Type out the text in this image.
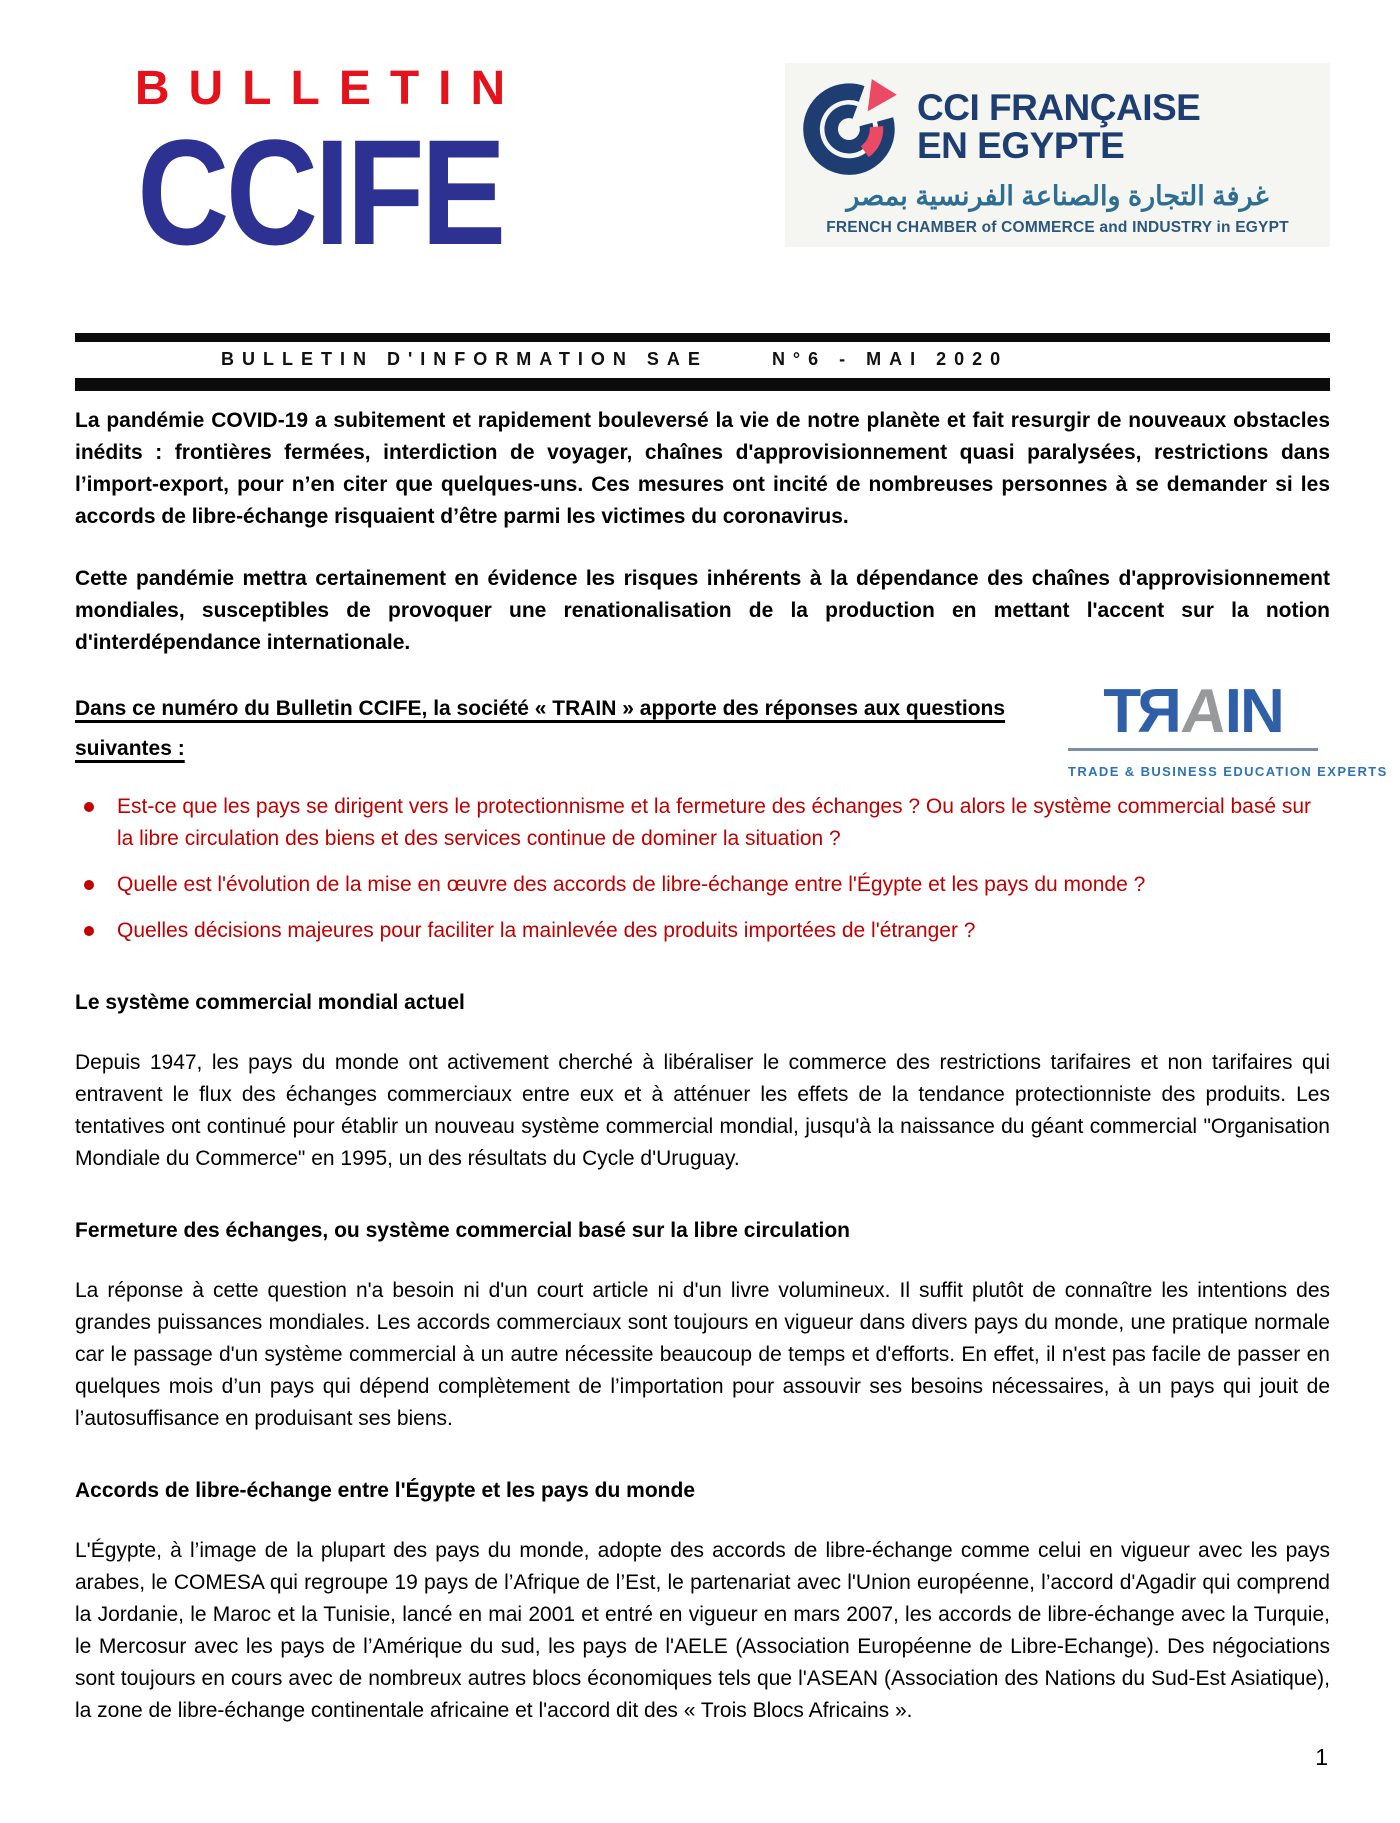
BULLETIN
CCIFE
CCI FRANÇAISE
EN EGYPTE
غرفة التجارة والصناعة الفرنسية بمصر
FRENCH CHAMBER of COMMERCE and INDUSTRY in EGYPT
BULLETIN D'INFORMATION SAE	N°6 - MAI 2020

La pandémie COVID-19 a subitement et rapidement bouleversé la vie de notre planète et fait resurgir de nouveaux obstacles inédits : frontières fermées, interdiction de voyager, chaînes d'approvisionnement quasi paralysées, restrictions dans l’import-export, pour n’en citer que quelques-uns. Ces mesures ont incité de nombreuses personnes à se demander si les accords de libre-échange risquaient d’être parmi les victimes du coronavirus.

Cette pandémie mettra certainement en évidence les risques inhérents à la dépendance des chaînes d'approvisionnement mondiales, susceptibles de provoquer une renationalisation de la production en mettant l'accent sur la notion d'interdépendance internationale.

Dans ce numéro du Bulletin CCIFE, la société « TRAIN » apporte des réponses aux questions suivantes :

TRAIN
TRADE & BUSINESS EDUCATION EXPERTS
Est-ce que les pays se dirigent vers le protectionnisme et la fermeture des échanges ? Ou alors le système commercial basé sur la libre circulation des biens et des services continue de dominer la situation ?
Quelle est l'évolution de la mise en œuvre des accords de libre-échange entre l'Égypte et les pays du monde ?
Quelles décisions majeures pour faciliter la mainlevée des produits importées de l'étranger ?
Le système commercial mondial actuel

Depuis 1947, les pays du monde ont activement cherché à libéraliser le commerce des restrictions tarifaires et non tarifaires qui entravent le flux des échanges commerciaux entre eux et à atténuer les effets de la tendance protectionniste des produits. Les tentatives ont continué pour établir un nouveau système commercial mondial, jusqu'à la naissance du géant commercial "Organisation Mondiale du Commerce" en 1995, un des résultats du Cycle d'Uruguay.

Fermeture des échanges, ou système commercial basé sur la libre circulation

La réponse à cette question n'a besoin ni d'un court article ni d'un livre volumineux. Il suffit plutôt de connaître les intentions des grandes puissances mondiales. Les accords commerciaux sont toujours en vigueur dans divers pays du monde, une pratique normale car le passage d'un système commercial à un autre nécessite beaucoup de temps et d'efforts. En effet, il n'est pas facile de passer en quelques mois d’un pays qui dépend complètement de l’importation pour assouvir ses besoins nécessaires, à un pays qui jouit de l’autosuffisance en produisant ses biens.

Accords de libre-échange entre l'Égypte et les pays du monde

L'Égypte, à l’image de la plupart des pays du monde, adopte des accords de libre-échange comme celui en vigueur avec les pays arabes, le COMESA qui regroupe 19 pays de l’Afrique de l’Est, le partenariat avec l'Union européenne, l’accord d'Agadir qui comprend la Jordanie, le Maroc et la Tunisie, lancé en mai 2001 et entré en vigueur en mars 2007, les accords de libre-échange avec la Turquie, le Mercosur avec les pays de l’Amérique du sud, les pays de l'AELE (Association Européenne de Libre-Echange). Des négociations sont toujours en cours avec de nombreux autres blocs économiques tels que l'ASEAN (Association des Nations du Sud-Est Asiatique), la zone de libre-échange continentale africaine et l'accord dit des « Trois Blocs Africains ».

1
